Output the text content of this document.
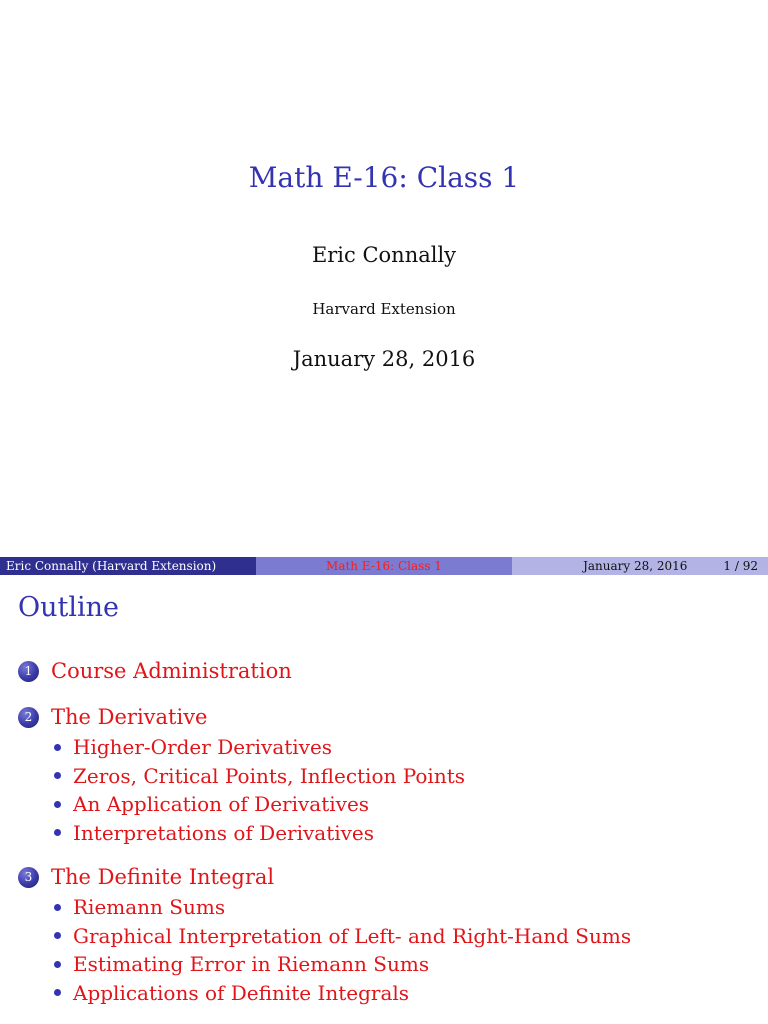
Math E-16: Class 1
Eric Connally
Harvard Extension
January 28, 2016
Eric Connally (Harvard Extension)	Math E-16: Class 1	January 28, 2016	1 / 92
Outline
1 Course Administration
2 The Derivative
Higher-Order Derivatives
Zeros, Critical Points, Inflection Points
An Application of Derivatives
Interpretations of Derivatives
3 The Definite Integral
Riemann Sums
Graphical Interpretation of Left- and Right-Hand Sums
Estimating Error in Riemann Sums
Applications of Definite Integrals
